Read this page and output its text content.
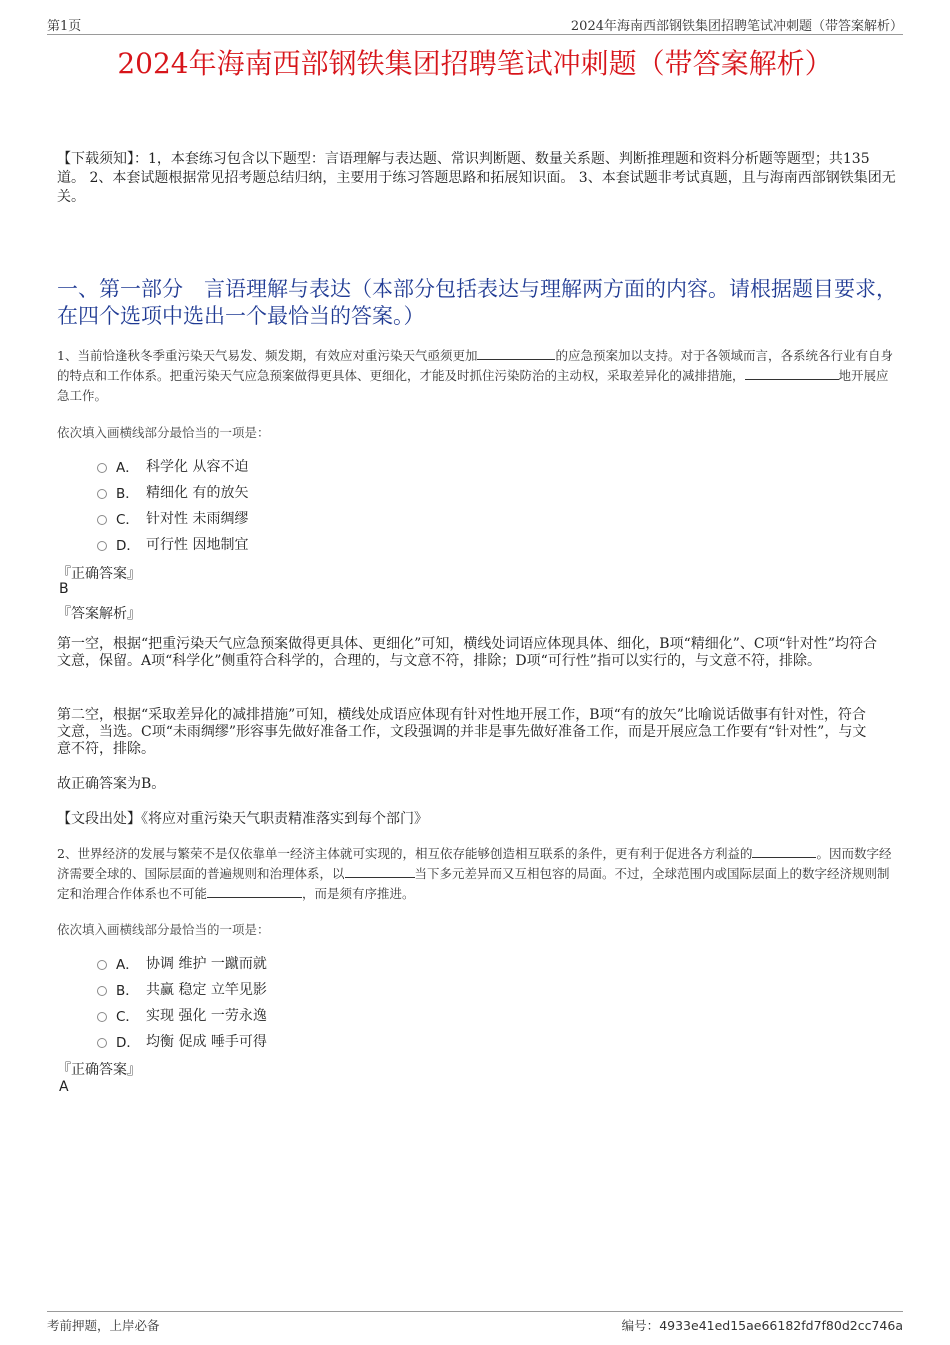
第1页	2024年海南西部钢铁集团招聘笔试冲刺题（带答案解析）
2024年海南西部钢铁集团招聘笔试冲刺题（带答案解析）
【下载须知】：1，本套练习包含以下题型：言语理解与表达题、常识判断题、数量关系题、判断推理题和资料分析题等题型；共135道。 2、本套试题根据常见招考题总结归纳，主要用于练习答题思路和拓展知识面。 3、本套试题非考试真题，且与海南西部钢铁集团无关。
一、第一部分　言语理解与表达（本部分包括表达与理解两方面的内容。请根据题目要求，在四个选项中选出一个最恰当的答案。）
1、当前恰逢秋冬季重污染天气易发、频发期，有效应对重污染天气亟须更加	的应急预案加以支持。对于各领域而言，各系统各行业有自身的特点和工作体系。把重污染天气应急预案做得更具体、更细化，才能及时抓住污染防治的主动权，采取差异化的减排措施，	地开展应急工作。
依次填入画横线部分最恰当的一项是：
A． 科学化 从容不迫
B． 精细化 有的放矢
C． 针对性 未雨绸缪
D． 可行性 因地制宜
『正确答案』
B
『答案解析』
第一空，根据“把重污染天气应急预案做得更具体、更细化”可知，横线处词语应体现具体、细化，B项“精细化”、C项“针对性”均符合文意，保留。A项“科学化”侧重符合科学的，合理的，与文意不符，排除；D项“可行性”指可以实行的，与文意不符，排除。
第二空，根据“采取差异化的减排措施”可知，横线处成语应体现有针对性地开展工作，B项“有的放矢”比喻说话做事有针对性，符合文意，当选。C项“未雨绸缪”形容事先做好准备工作，文段强调的并非是事先做好准备工作，而是开展应急工作要有“针对性”，与文意不符，排除。
故正确答案为B。
【文段出处】《将应对重污染天气职责精准落实到每个部门》
2、世界经济的发展与繁荣不是仅依靠单一经济主体就可实现的，相互依存能够创造相互联系的条件，更有利于促进各方利益的	。因而数字经济需要全球的、国际层面的普遍规则和治理体系，以	当下多元差异而又互相包容的局面。不过，全球范围内或国际层面上的数字经济规则制定和治理合作体系也不可能	，而是须有序推进。
依次填入画横线部分最恰当的一项是：
A． 协调 维护 一蹴而就
B． 共赢 稳定 立竿见影
C． 实现 强化 一劳永逸
D． 均衡 促成 唾手可得
『正确答案』
A
考前押题，上岸必备	编号：4933e41ed15ae66182fd7f80d2cc746a
